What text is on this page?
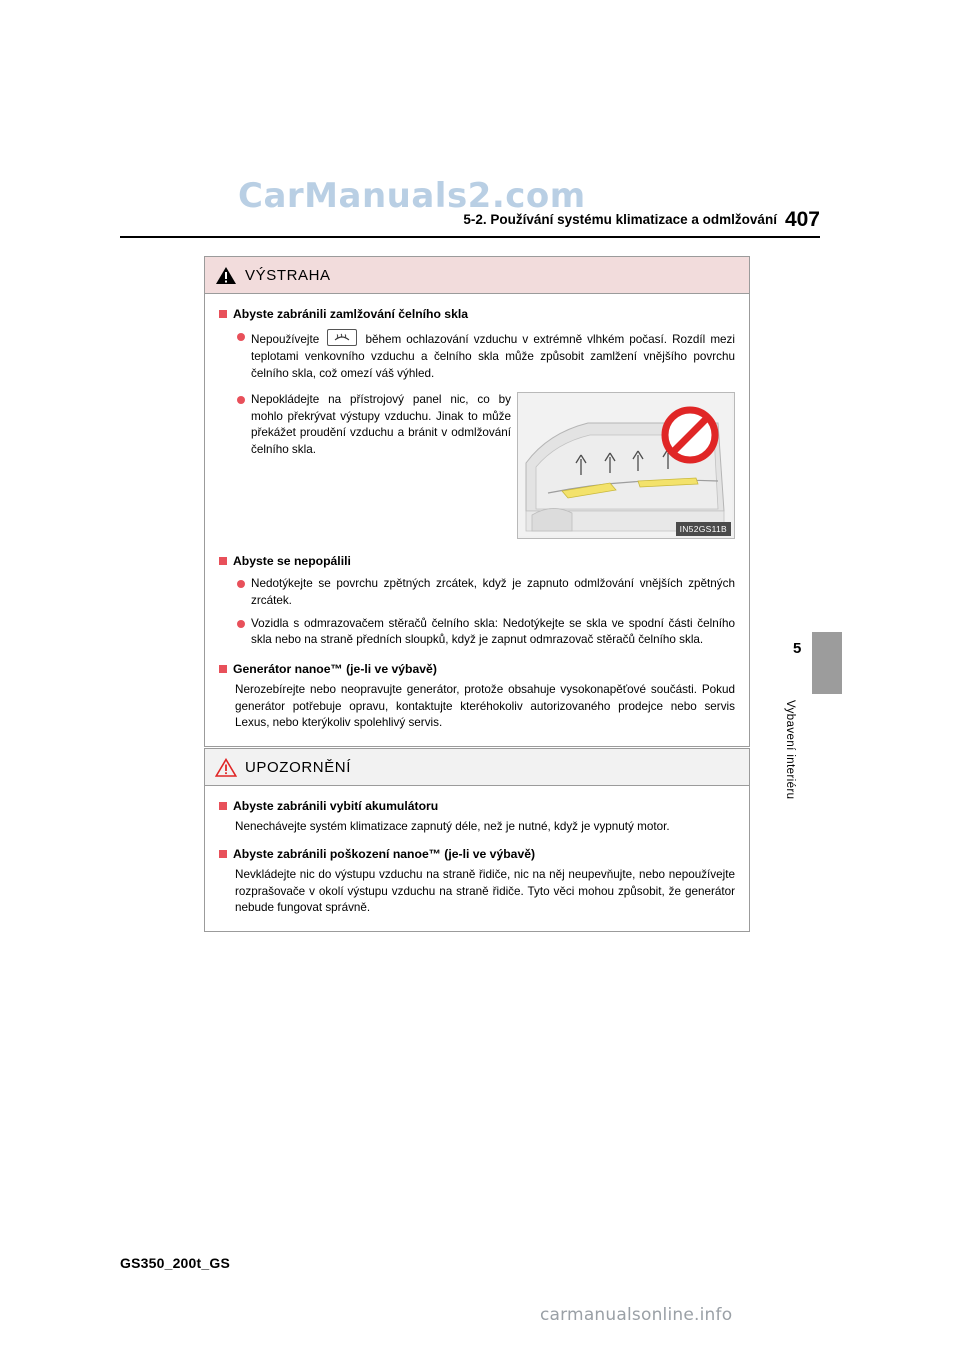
CarManuals2.com
5-2. Používání systému klimatizace a odmlžování 407
5
Vybavení interiéru
VÝSTRAHA
Abyste zabránili zamlžování čelního skla
Nepoužívejte	během ochlazování vzduchu v extrémně vlhkém počasí. Rozdíl mezi teplotami venkovního vzduchu a čelního skla může způsobit zamlžení vnějšího povrchu čelního skla, což omezí váš výhled.
Nepokládejte na přístrojový panel nic, co by mohlo překrývat výstupy vzduchu. Jinak to může překážet proudění vzduchu a bránit v odmlžování čelního skla.
IN52GS11B
Abyste se nepopálili
Nedotýkejte se povrchu zpětných zrcátek, když je zapnuto odmlžování vnějších zpětných zrcátek.
Vozidla s odmrazovačem stěračů čelního skla: Nedotýkejte se skla ve spodní části čelního skla nebo na straně předních sloupků, když je zapnut odmrazovač stěračů čelního skla.
Generátor nanoe™ (je-li ve výbavě)
Nerozebírejte nebo neopravujte generátor, protože obsahuje vysokonapěťové součásti. Pokud generátor potřebuje opravu, kontaktujte kteréhokoliv autorizovaného prodejce nebo servis Lexus, nebo kterýkoliv spolehlivý servis.
UPOZORNĚNÍ
Abyste zabránili vybití akumulátoru
Nenechávejte systém klimatizace zapnutý déle, než je nutné, když je vypnutý motor.
Abyste zabránili poškození nanoe™ (je-li ve výbavě)
Nevkládejte nic do výstupu vzduchu na straně řidiče, nic na něj neupevňujte, nebo nepoužívejte rozprašovače v okolí výstupu vzduchu na straně řidiče. Tyto věci mohou způsobit, že generátor nebude fungovat správně.
GS350_200t_GS
carmanualsonline.info
